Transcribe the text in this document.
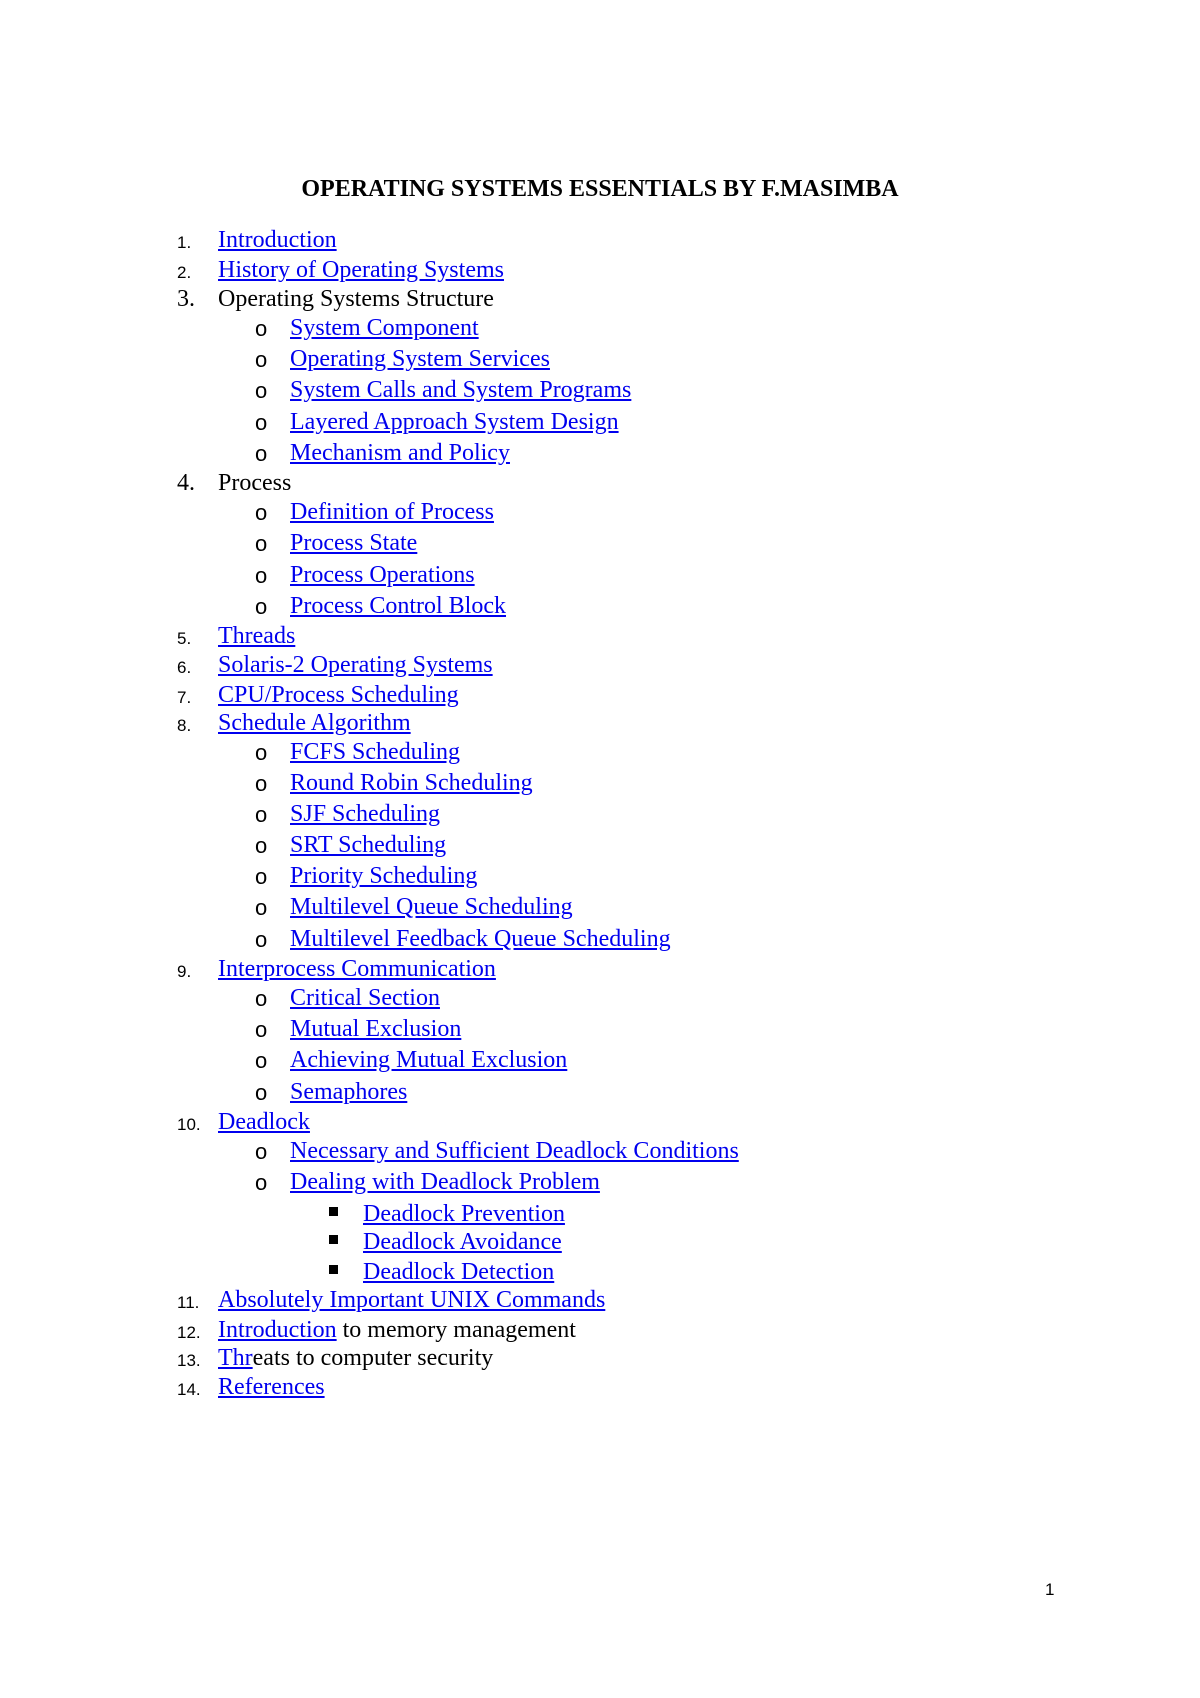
OPERATING SYSTEMS ESSENTIALS BY F.MASIMBA
1.	Introduction
2.	History of Operating Systems
3. Operating Systems Structure
o System Component
o Operating System Services
o System Calls and System Programs
o Layered Approach System Design
o Mechanism and Policy
4. Process
o Definition of Process
o Process State
o Process Operations
o Process Control Block
5.	Threads
6.	Solaris-2 Operating Systems
7.	CPU/Process Scheduling
8.	Schedule Algorithm
o FCFS Scheduling
o Round Robin Scheduling
o SJF Scheduling
o SRT Scheduling
o Priority Scheduling
o Multilevel Queue Scheduling
o Multilevel Feedback Queue Scheduling
9.	Interprocess Communication
o Critical Section
o Mutual Exclusion
o Achieving Mutual Exclusion
o Semaphores
10. Deadlock
o Necessary and Sufficient Deadlock Conditions
o Dealing with Deadlock Problem
Deadlock Prevention
Deadlock Avoidance
Deadlock Detection
11. Absolutely Important UNIX Commands
12. Introduction to memory management
13. Threats to computer security
14. References
1
